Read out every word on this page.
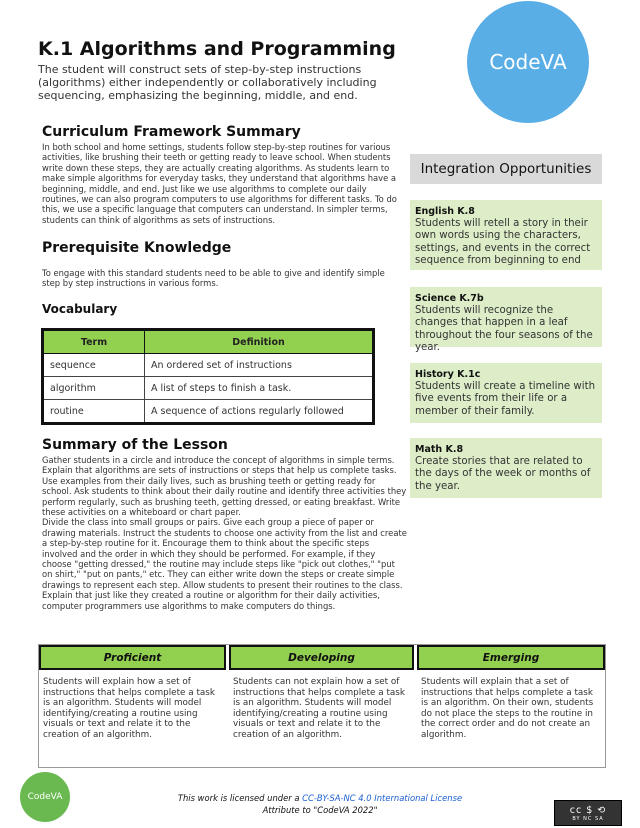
K.1 Algorithms and Programming
The student will construct sets of step-by-step instructions (algorithms) either independently or collaboratively including sequencing, emphasizing the beginning, middle, and end.
CodeVA
Curriculum Framework Summary
In both school and home settings, students follow step-by-step routines for various activities, like brushing their teeth or getting ready to leave school. When students write down these steps, they are actually creating algorithms. As students learn to make simple algorithms for everyday tasks, they understand that algorithms have a beginning, middle, and end. Just like we use algorithms to complete our daily routines, we can also program computers to use algorithms for different tasks. To do this, we use a specific language that computers can understand. In simpler terms, students can think of algorithms as sets of instructions.
Prerequisite Knowledge
To engage with this standard students need to be able to give and identify simple step by step instructions in various forms.
Vocabulary
Term	Definition
sequence	An ordered set of instructions
algorithm	A list of steps to finish a task.
routine	A sequence of actions regularly followed
Summary of the Lesson
Gather students in a circle and introduce the concept of algorithms in simple terms. Explain that algorithms are sets of instructions or steps that help us complete tasks. Use examples from their daily lives, such as brushing teeth or getting ready for school. Ask students to think about their daily routine and identify three activities they perform regularly, such as brushing teeth, getting dressed, or eating breakfast. Write these activities on a whiteboard or chart paper.
Divide the class into small groups or pairs. Give each group a piece of paper or drawing materials. Instruct the students to choose one activity from the list and create a step-by-step routine for it. Encourage them to think about the specific steps involved and the order in which they should be performed. For example, if they choose "getting dressed," the routine may include steps like "pick out clothes," "put on shirt," "put on pants," etc. They can either write down the steps or create simple drawings to represent each step. Allow students to present their routines to the class. Explain that just like they created a routine or algorithm for their daily activities, computer programmers use algorithms to make computers do things.
Integration Opportunities
English K.8
Students will retell a story in their own words using the characters, settings, and events in the correct sequence from beginning to end
Science K.7b
Students will recognize the changes that happen in a leaf throughout the four seasons of the year.
History K.1c
Students will create a timeline with five events from their life or a member of their family.
Math K.8
Create stories that are related to the days of the week or months of the year.
Proficient
Students will explain how a set of instructions that helps complete a task is an algorithm. Students will model identifying/creating a routine using visuals or text and relate it to the creation of an algorithm.
Developing
Students can not explain how a set of instructions that helps complete a task is an algorithm. Students will model identifying/creating a routine using visuals or text and relate it to the creation of an algorithm.
Emerging
Students will explain that a set of instructions that helps complete a task is an algorithm. On their own, students do not place the steps to the routine in the correct order and do not create an algorithm.
CodeVA	This work is licensed under a CC-BY-SA-NC 4.0 International License
Attribute to "CodeVA 2022"	cc $ ⟲
BY NC SA
